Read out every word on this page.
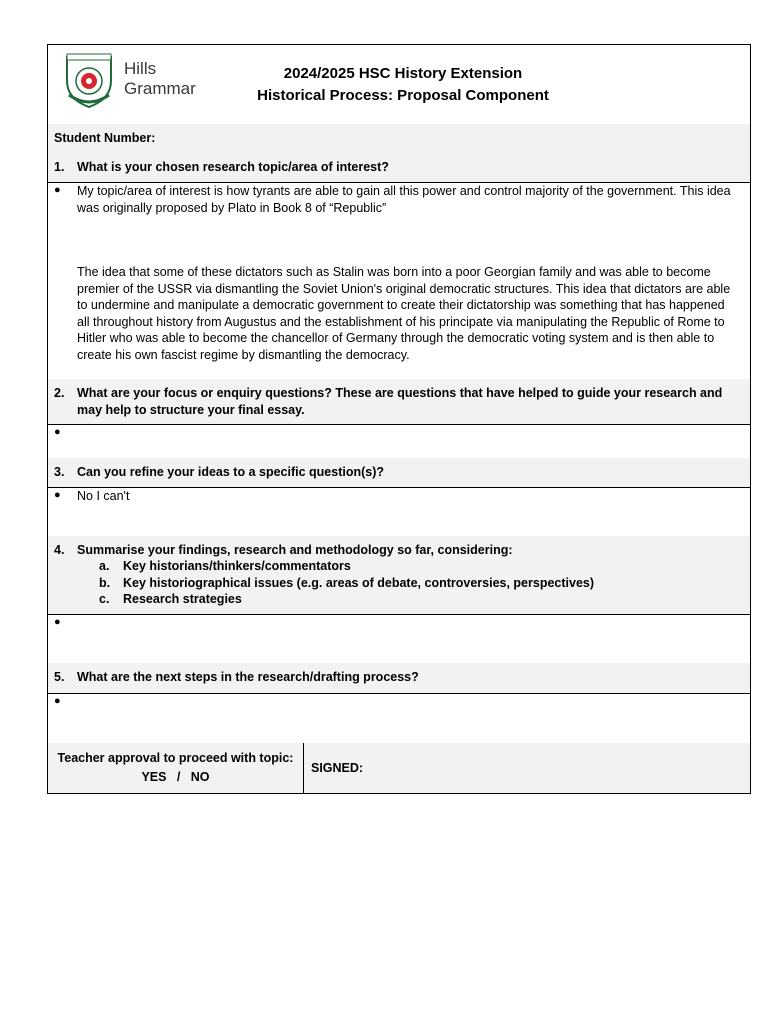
Hills
Grammar
2024/2025 HSC History Extension
Historical Process: Proposal Component
Student Number:
1. What is your chosen research topic/area of interest?
● My topic/area of interest is how tyrants are able to gain all this power and control majority of the government. This idea was originally proposed by Plato in Book 8 of “Republic”
The idea that some of these dictators such as Stalin was born into a poor Georgian family and was able to become premier of the USSR via dismantling the Soviet Union's original democratic structures. This idea that dictators are able to undermine and manipulate a democratic government to create their dictatorship was something that has happened all throughout history from Augustus and the establishment of his principate via manipulating the Republic of Rome to Hitler who was able to become the chancellor of Germany through the democratic voting system and is then able to create his own fascist regime by dismantling the democracy.
2. What are your focus or enquiry questions? These are questions that have helped to guide your research and may help to structure your final essay.
●
3. Can you refine your ideas to a specific question(s)?
● No I can't
4. Summarise your findings, research and methodology so far, considering:
a. Key historians/thinkers/commentators
b. Key historiographical issues (e.g. areas of debate, controversies, perspectives)
c. Research strategies
●
5. What are the next steps in the research/drafting process?
●
Teacher approval to proceed with topic:
YES   /   NO
SIGNED:
